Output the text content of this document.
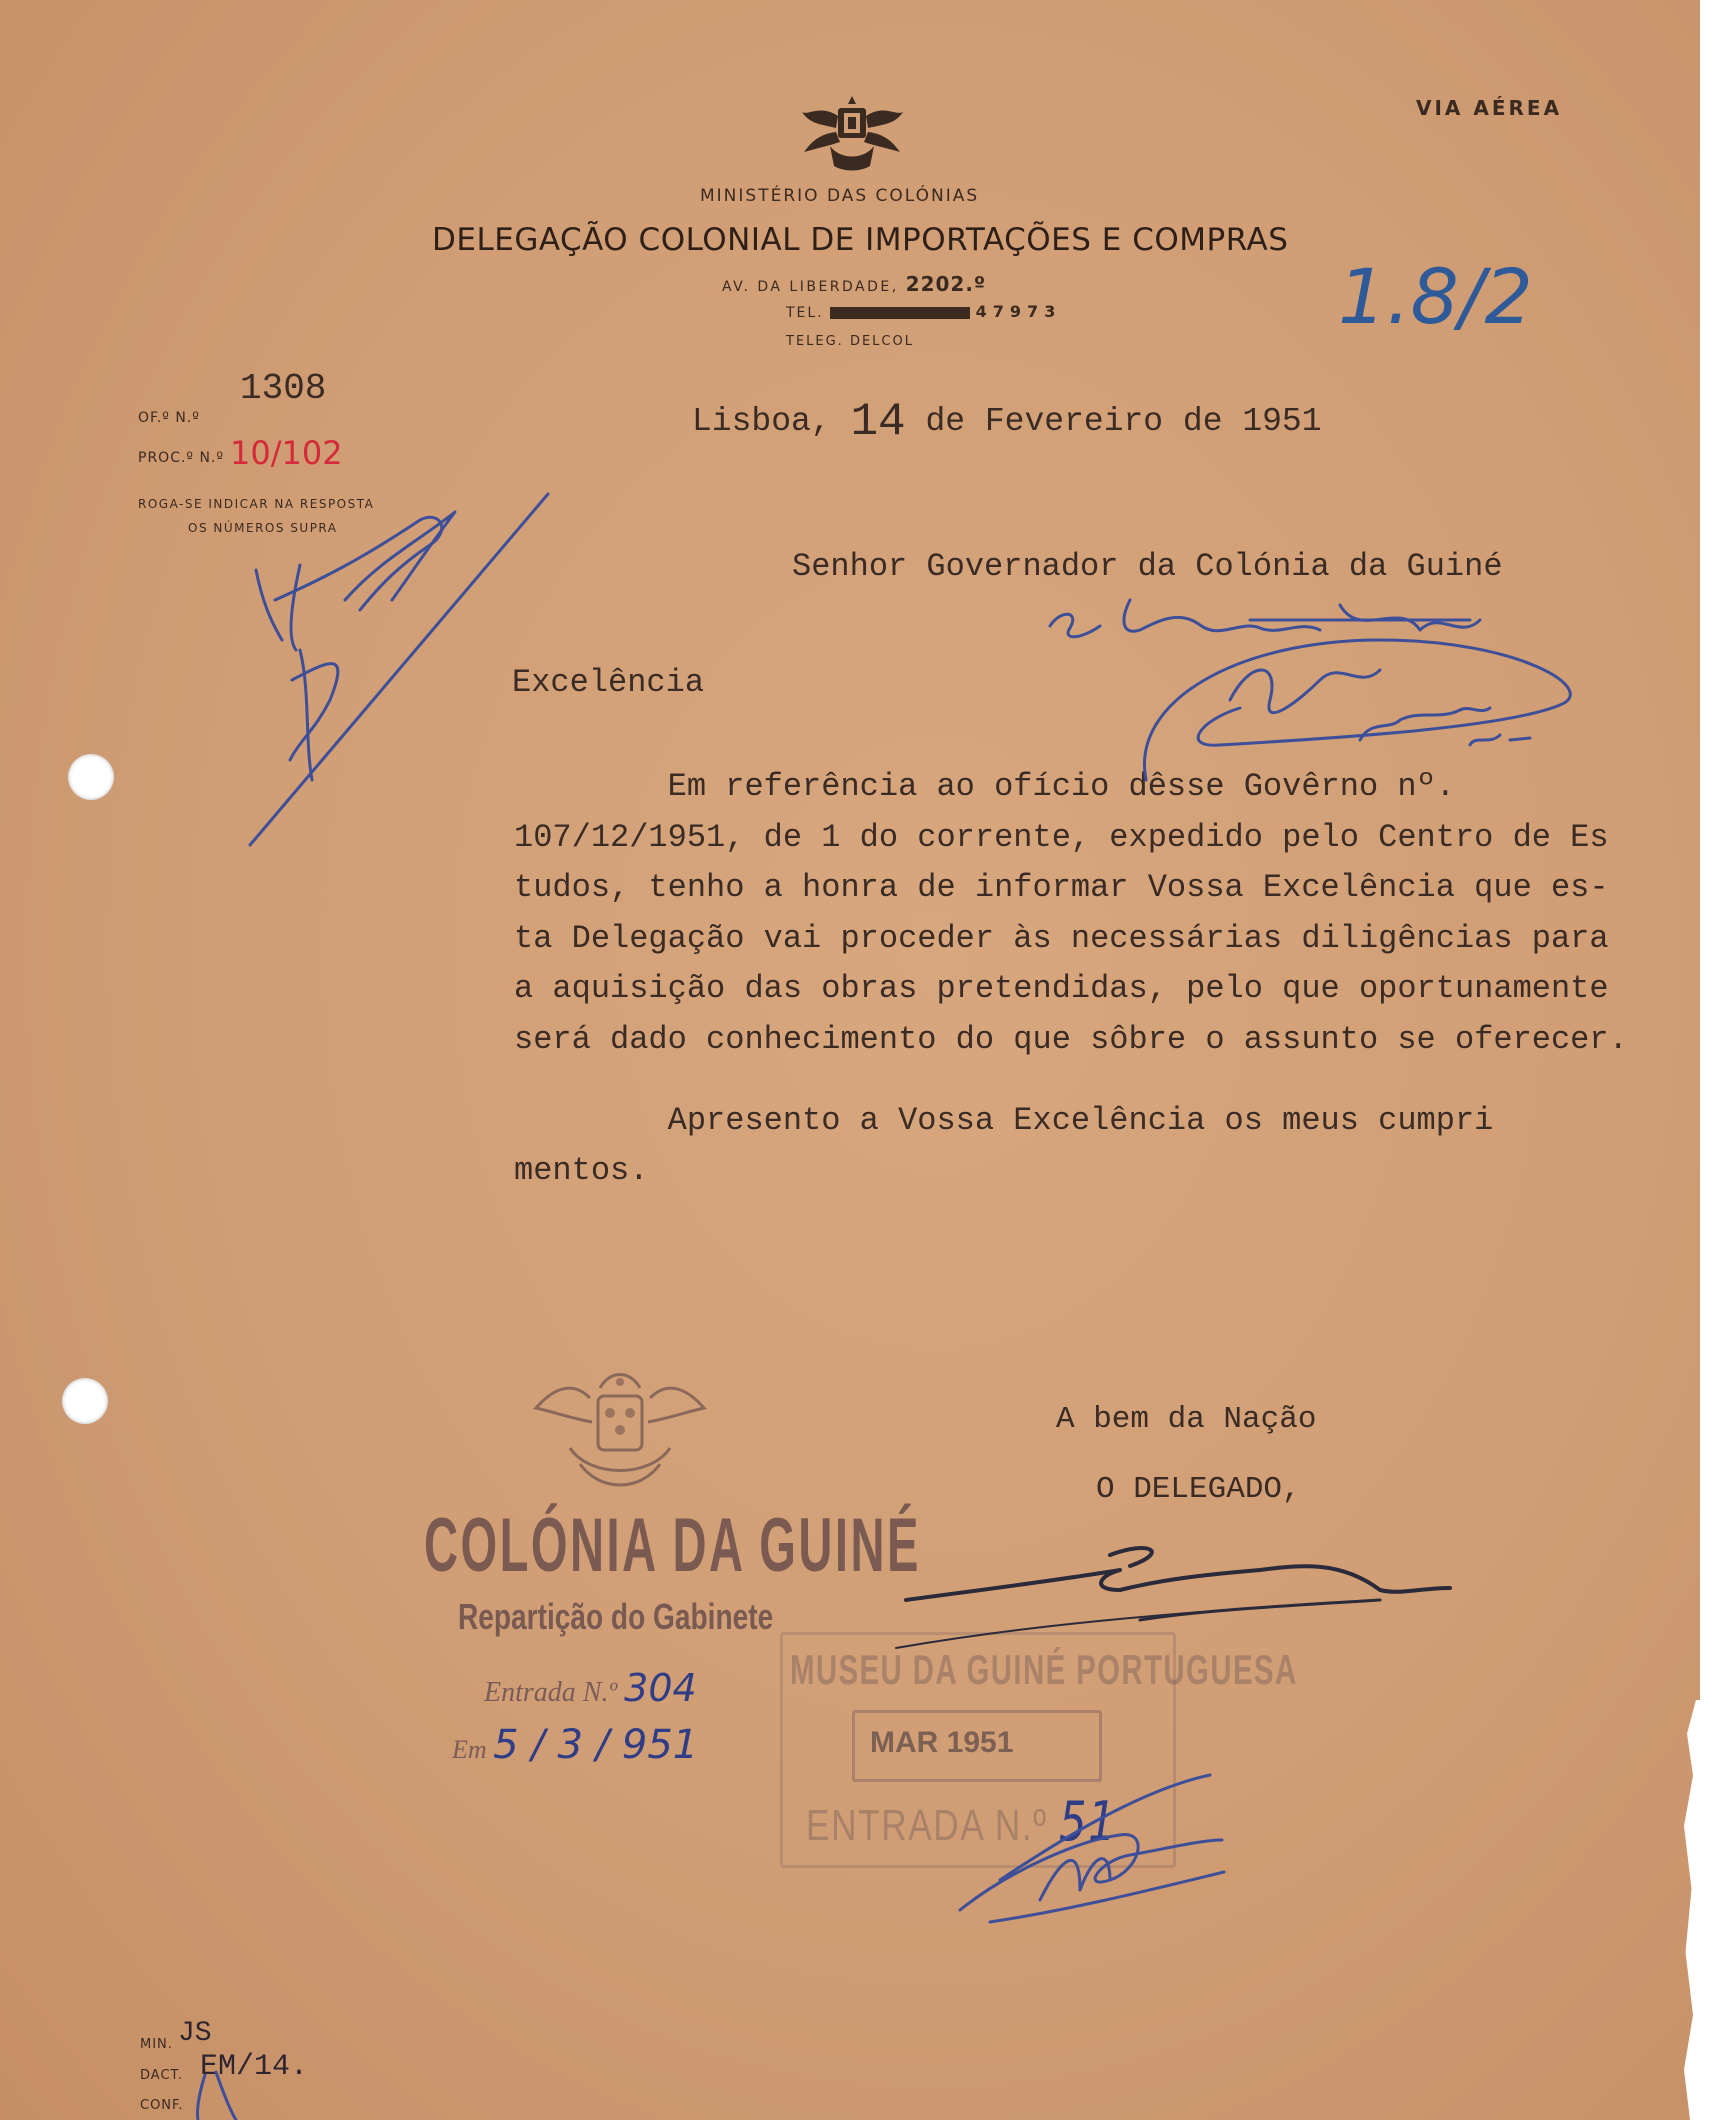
VIA AÉREA
MINISTÉRIO DAS COLÓNIAS
DELEGAÇÃO COLONIAL DE IMPORTAÇÕES E COMPRAS
AV. DA LIBERDADE, 2202.º
TEL.	47973
TELEG. DELCOL
OF.º N.º
1308
PROC.º N.º 10/102
ROGA-SE INDICAR NA RESPOSTA
OS NÚMEROS SUPRA
1.8/2
Lisboa, 14 de Fevereiro de 1951
Senhor Governador da Colónia da Guiné
Excelência
Em referência ao ofício dêsse Govêrno nº.
107/12/1951, de 1 do corrente, expedido pelo Centro de Es
tudos, tenho a honra de informar Vossa Excelência que es-
ta Delegação vai proceder às necessárias diligências para
a aquisição das obras pretendidas, pelo que oportunamente
será dado conhecimento do que sôbre o assunto se oferecer.
Apresento a Vossa Excelência os meus cumpri
mentos.
A bem da Nação
O DELEGADO,
COLÓNIA DA GUINÉ
Repartição do Gabinete
Entrada N.º 304
Em 5 / 3 / 951
MUSEU DA GUINÉ PORTUGUESA
MAR 1951
ENTRADA N.º 51
MIN. JS
DACT. EM/14.
CONF.
